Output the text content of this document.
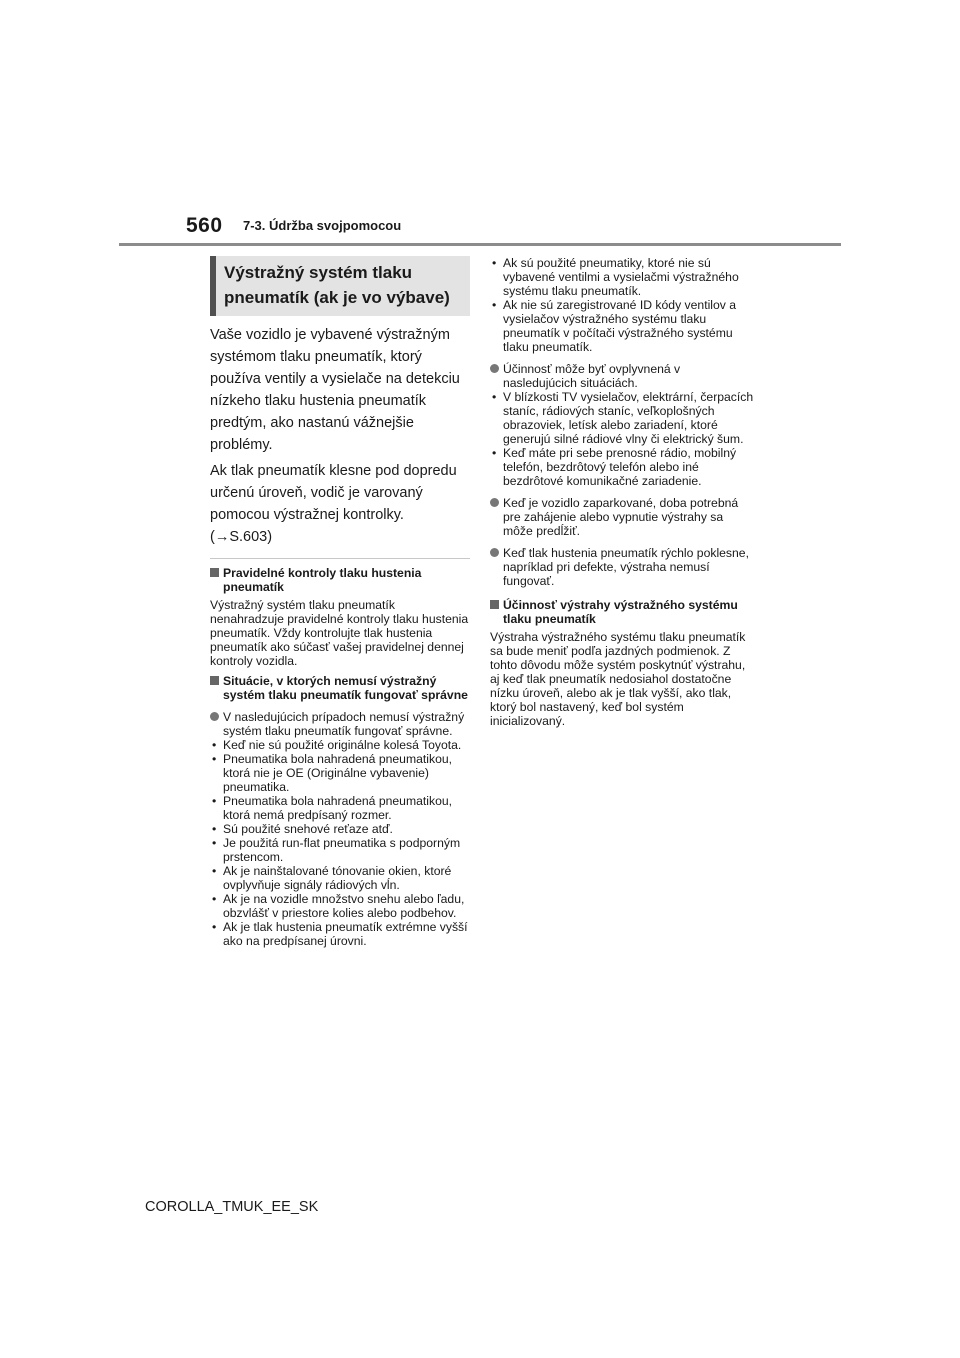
560 7-3. Údržba svojpomocou
Výstražný systém tlaku pneumatík (ak je vo výbave)

Vaše vozidlo je vybavené výstražným systémom tlaku pneumatík, ktorý používa ventily a vysielače na detekciu nízkeho tlaku hustenia pneumatík predtým, ako nastanú vážnejšie problémy.

Ak tlak pneumatík klesne pod dopredu určenú úroveň, vodič je varovaný pomocou výstražnej kontrolky. (→S.603)

Pravidelné kontroly tlaku hustenia pneumatík
Výstražný systém tlaku pneumatík nenahradzuje pravidelné kontroly tlaku hustenia pneumatík. Vždy kontrolujte tlak hustenia pneumatík ako súčasť vašej pravidelnej dennej kontroly vozidla.
Situácie, v ktorých nemusí výstražný systém tlaku pneumatík fungovať správne
V nasledujúcich prípadoch nemusí výstražný systém tlaku pneumatík fungovať správne.
• Keď nie sú použité originálne kolesá Toyota.
• Pneumatika bola nahradená pneumatikou, ktorá nie je OE (Originálne vybavenie) pneumatika.
• Pneumatika bola nahradená pneumatikou, ktorá nemá predpísaný rozmer.
• Sú použité snehové reťaze atď.
• Je použitá run-flat pneumatika s podporným prstencom.
• Ak je nainštalované tónovanie okien, ktoré ovplyvňuje signály rádiových vĺn.
• Ak je na vozidle množstvo snehu alebo ľadu, obzvlášť v priestore kolies alebo podbehov.
• Ak je tlak hustenia pneumatík extrémne vyšší ako na predpísanej úrovni.
• Ak sú použité pneumatiky, ktoré nie sú vybavené ventilmi a vysielačmi výstražného systému tlaku pneumatík.
• Ak nie sú zaregistrované ID kódy ventilov a vysielačov výstražného systému tlaku pneumatík v počítači výstražného systému tlaku pneumatík.
Účinnosť môže byť ovplyvnená v nasledujúcich situáciách.
• V blízkosti TV vysielačov, elektrární, čerpacích staníc, rádiových staníc, veľkoplošných obrazoviek, letísk alebo zariadení, ktoré generujú silné rádiové vlny či elektrický šum.
• Keď máte pri sebe prenosné rádio, mobilný telefón, bezdrôtový telefón alebo iné bezdrôtové komunikačné zariadenie.
Keď je vozidlo zaparkované, doba potrebná pre zahájenie alebo vypnutie výstrahy sa môže predĺžiť.
Keď tlak hustenia pneumatík rýchlo poklesne, napríklad pri defekte, výstraha nemusí fungovať.
Účinnosť výstrahy výstražného systému tlaku pneumatík
Výstraha výstražného systému tlaku pneumatík sa bude meniť podľa jazdných podmienok. Z tohto dôvodu môže systém poskytnúť výstrahu, aj keď tlak pneumatík nedosiahol dostatočne nízku úroveň, alebo ak je tlak vyšší, ako tlak, ktorý bol nastavený, keď bol systém inicializovaný.
COROLLA_TMUK_EE_SK
